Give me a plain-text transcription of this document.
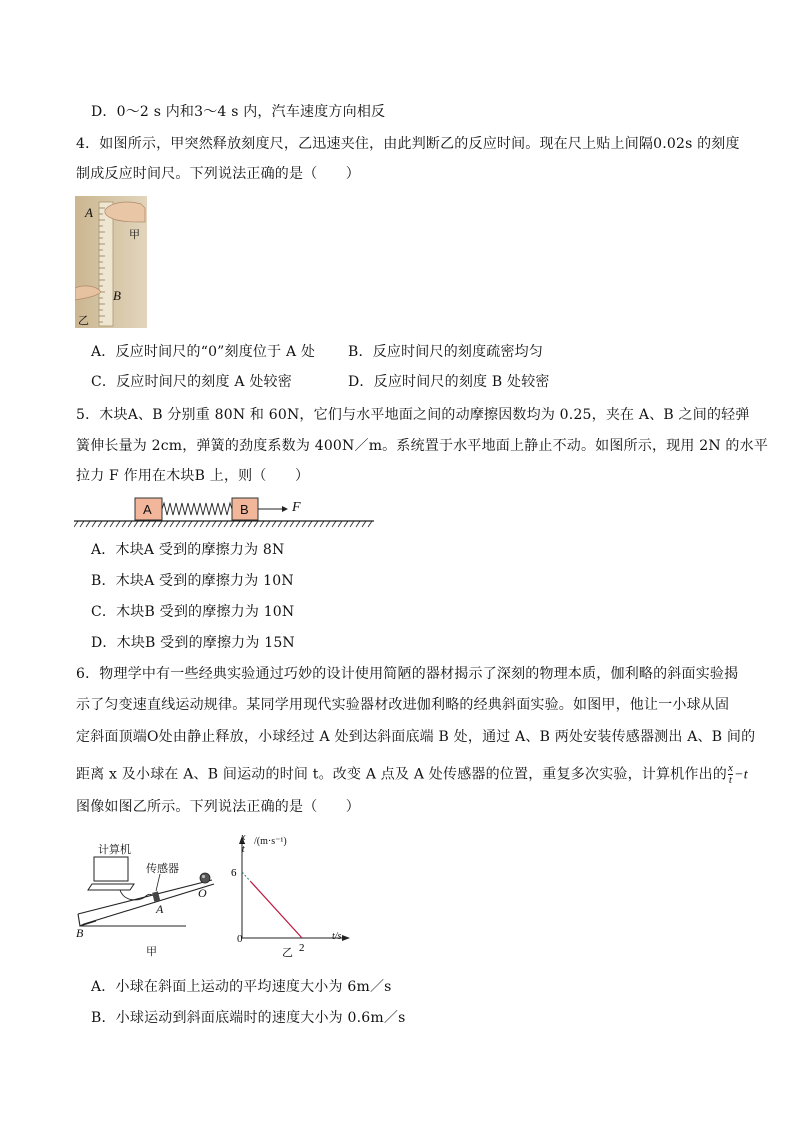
D．0～2 s 内和3～4 s 内，汽车速度方向相反
4．如图所示，甲突然释放刻度尺，乙迅速夹住，由此判断乙的反应时间。现在尺上贴上间隔0.02s 的刻度
制成反应时间尺。下列说法正确的是（　　）
A
甲
B
乙
A．反应时间尺的“0”刻度位于 A 处 B．反应时间尺的刻度疏密均匀
C．反应时间尺的刻度 A 处较密	D．反应时间尺的刻度 B 处较密
5．木块A、B 分别重 80N 和 60N，它们与水平地面之间的动摩擦因数均为 0.25，夹在 A、B 之间的轻弹
簧伸长量为 2cm，弹簧的劲度系数为 400N／m。系统置于水平地面上静止不动。如图所示，现用 2N 的水平
拉力 F 作用在木块B 上，则（　　）
A	B	F
A．木块A 受到的摩擦力为 8N
B．木块A 受到的摩擦力为 10N
C．木块B 受到的摩擦力为 10N
D．木块B 受到的摩擦力为 15N
6．物理学中有一些经典实验通过巧妙的设计使用简陋的器材揭示了深刻的物理本质，伽利略的斜面实验揭
示了匀变速直线运动规律。某同学用现代实验器材改进伽利略的经典斜面实验。如图甲，他让一小球从固
定斜面顶端O处由静止释放，小球经过 A 处到达斜面底端 B 处，通过 A、B 两处安装传感器测出 A、B 间的
距离 x 及小球在 A、B 间运动的时间 t。改变 A 点及 A 处传感器的位置，重复多次实验，计算机作出的 $\frac{x}{t} -t$
图像如图乙所示。下列说法正确的是（　　）
计算机
传感器
O
A
B
甲
6
2
$\frac{x}{t} /(m\cdot s^{-1})$
t/s
0
乙
A．小球在斜面上运动的平均速度大小为 6m／s
B．小球运动到斜面底端时的速度大小为 0.6m／s
